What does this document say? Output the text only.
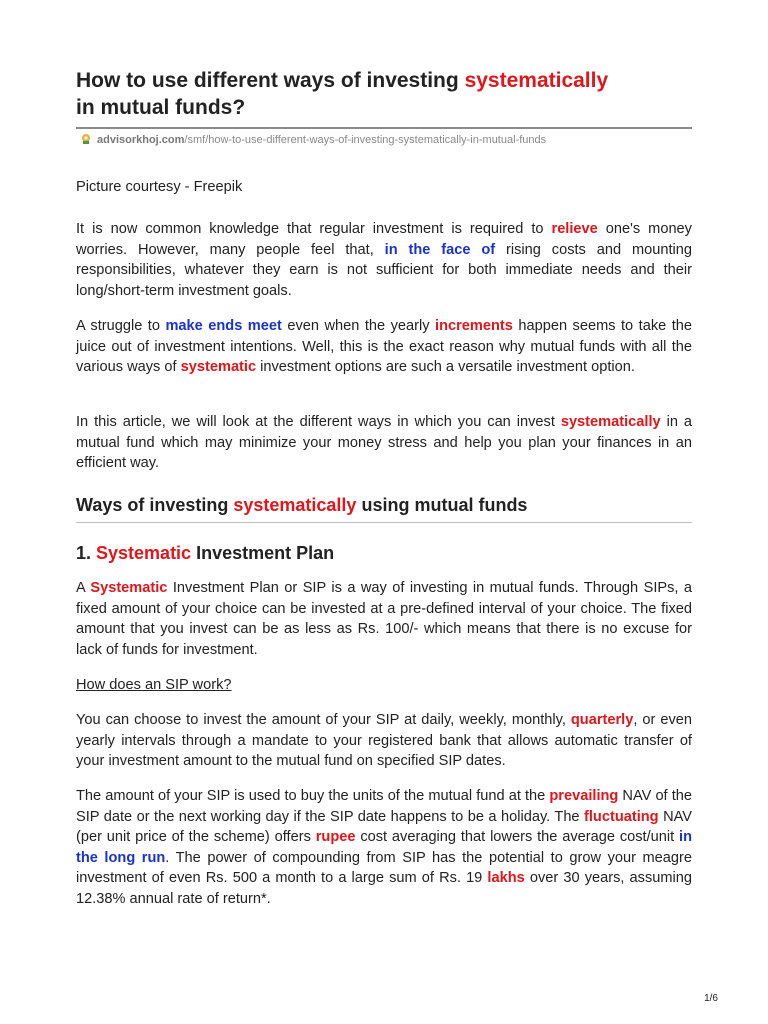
How to use different ways of investing systematically
in mutual funds?
advisorkhoj.com/smf/how-to-use-different-ways-of-investing-systematically-in-mutual-funds

Picture courtesy - Freepik

It is now common knowledge that regular investment is required to relieve one's money worries. However, many people feel that, in the face of rising costs and mounting responsibilities, whatever they earn is not sufficient for both immediate needs and their long/short-term investment goals.

A struggle to make ends meet even when the yearly increments happen seems to take the juice out of investment intentions. Well, this is the exact reason why mutual funds with all the various ways of systematic investment options are such a versatile investment option.

In this article, we will look at the different ways in which you can invest systematically in a mutual fund which may minimize your money stress and help you plan your finances in an efficient way.

Ways of investing systematically using mutual funds
1. Systematic Investment Plan

A Systematic Investment Plan or SIP is a way of investing in mutual funds. Through SIPs, a fixed amount of your choice can be invested at a pre-defined interval of your choice. The fixed amount that you invest can be as less as Rs. 100/- which means that there is no excuse for lack of funds for investment.

How does an SIP work?

You can choose to invest the amount of your SIP at daily, weekly, monthly, quarterly, or even yearly intervals through a mandate to your registered bank that allows automatic transfer of your investment amount to the mutual fund on specified SIP dates.

The amount of your SIP is used to buy the units of the mutual fund at the prevailing NAV of the SIP date or the next working day if the SIP date happens to be a holiday. The fluctuating NAV (per unit price of the scheme) offers rupee cost averaging that lowers the average cost/unit in the long run. The power of compounding from SIP has the potential to grow your meagre investment of even Rs. 500 a month to a large sum of Rs. 19 lakhs over 30 years, assuming 12.38% annual rate of return*.

1/6
